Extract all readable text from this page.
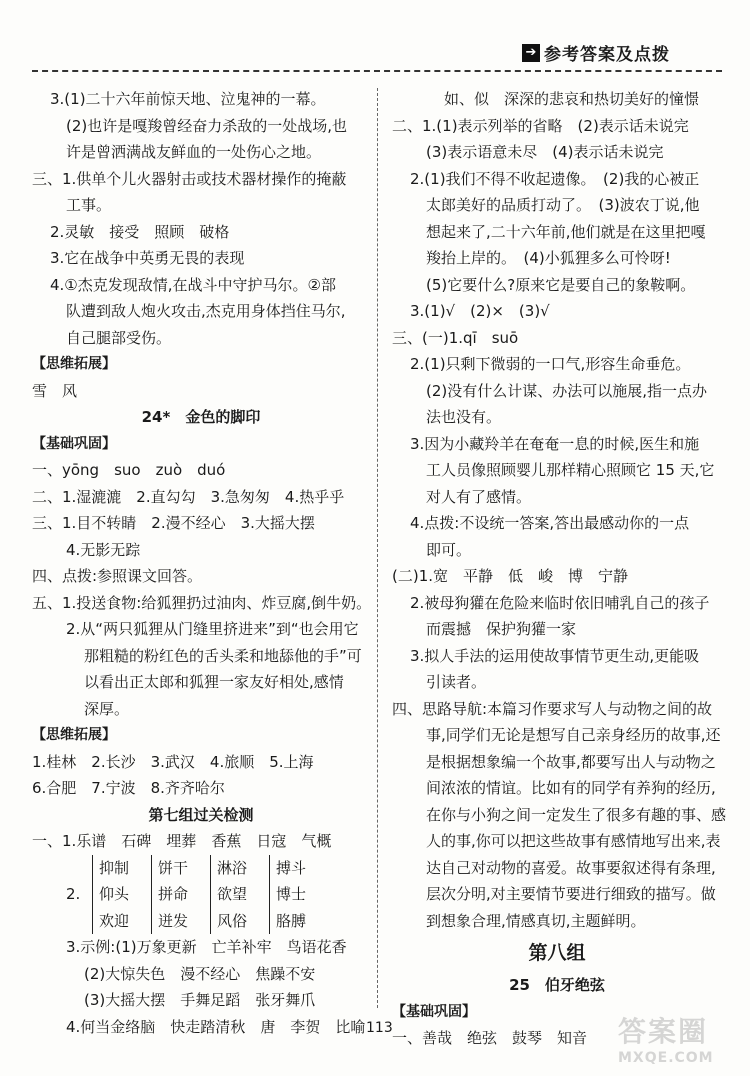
➔ 参考答案及点拨
3.(1)二十六年前惊天地、泣鬼神的一幕。
(2)也许是嘎羧曾经奋力杀敌的一处战场,也
许是曾洒满战友鲜血的一处伤心之地。
三、1.供单个儿火器射击或技术器材操作的掩蔽
工事。
2.灵敏　接受　照顾　破格
3.它在战争中英勇无畏的表现
4.①杰克发现敌情,在战斗中守护马尔。②部
队遭到敌人炮火攻击,杰克用身体挡住马尔,
自己腿部受伤。
【思维拓展】
雪　风
24*　金色的脚印
【基础巩固】
一、yōng　suo　zuò　duó
二、1.湿漉漉　2.直勾勾　3.急匆匆　4.热乎乎
三、1.目不转睛　2.漫不经心　3.大摇大摆
4.无影无踪
四、点拨:参照课文回答。
五、1.投送食物:给狐狸扔过油肉、炸豆腐,倒牛奶。
2.从“两只狐狸从门缝里挤进来”到“也会用它
那粗糙的粉红色的舌头柔和地舔他的手”可
以看出正太郎和狐狸一家友好相处,感情
深厚。
【思维拓展】
1.桂林　2.长沙　3.武汉　4.旅顺　5.上海
6.合肥　7.宁波　8.齐齐哈尔
第七组过关检测
一、1.乐谱　石碑　埋葬　香蕉　日寇　气概
2.
抑制
仰头
欢迎
饼干
拼命
迸发
淋浴
欲望
风俗
搏斗
博士
胳膊
3.示例:(1)万象更新　亡羊补牢　鸟语花香
(2)大惊失色　漫不经心　焦躁不安
(3)大摇大摆　手舞足蹈　张牙舞爪
4.何当金络脑　快走踏清秋　唐　李贺　比喻
如、似　深深的悲哀和热切美好的憧憬
二、1.(1)表示列举的省略　(2)表示话未说完
(3)表示语意未尽　(4)表示话未说完
2.(1)我们不得不收起遗像。　(2)我的心被正
太郎美好的品质打动了。　(3)波农丁说,他
想起来了,二十六年前,他们就是在这里把嘎
羧抬上岸的。　(4)小狐狸多么可怜呀!
(5)它要什么?原来它是要自己的象鞍啊。
3.(1)√　(2)×　(3)√
三、(一)1.qī　suō
2.(1)只剩下微弱的一口气,形容生命垂危。
(2)没有什么计谋、办法可以施展,指一点办
法也没有。
3.因为小藏羚羊在奄奄一息的时候,医生和施
工人员像照顾婴儿那样精心照顾它 15 天,它
对人有了感情。
4.点拨:不设统一答案,答出最感动你的一点
即可。
(二)1.宽　平静　低　峻　博　宁静
2.被母狗獾在危险来临时依旧哺乳自己的孩子
而震撼　保护狗獾一家
3.拟人手法的运用使故事情节更生动,更能吸
引读者。
四、思路导航:本篇习作要求写人与动物之间的故
事,同学们无论是想写自己亲身经历的故事,还
是根据想象编一个故事,都要写出人与动物之
间浓浓的情谊。比如有的同学有养狗的经历,
在你与小狗之间一定发生了很多有趣的事、感
人的事,你可以把这些故事有感情地写出来,表
达自己对动物的喜爱。故事要叙述得有条理,
层次分明,对主要情节要进行细致的描写。做
到想象合理,情感真切,主题鲜明。
第八组
25　伯牙绝弦
【基础巩固】
一、善哉　绝弦　鼓琴　知音
113	答案圈
MXQE.COM
